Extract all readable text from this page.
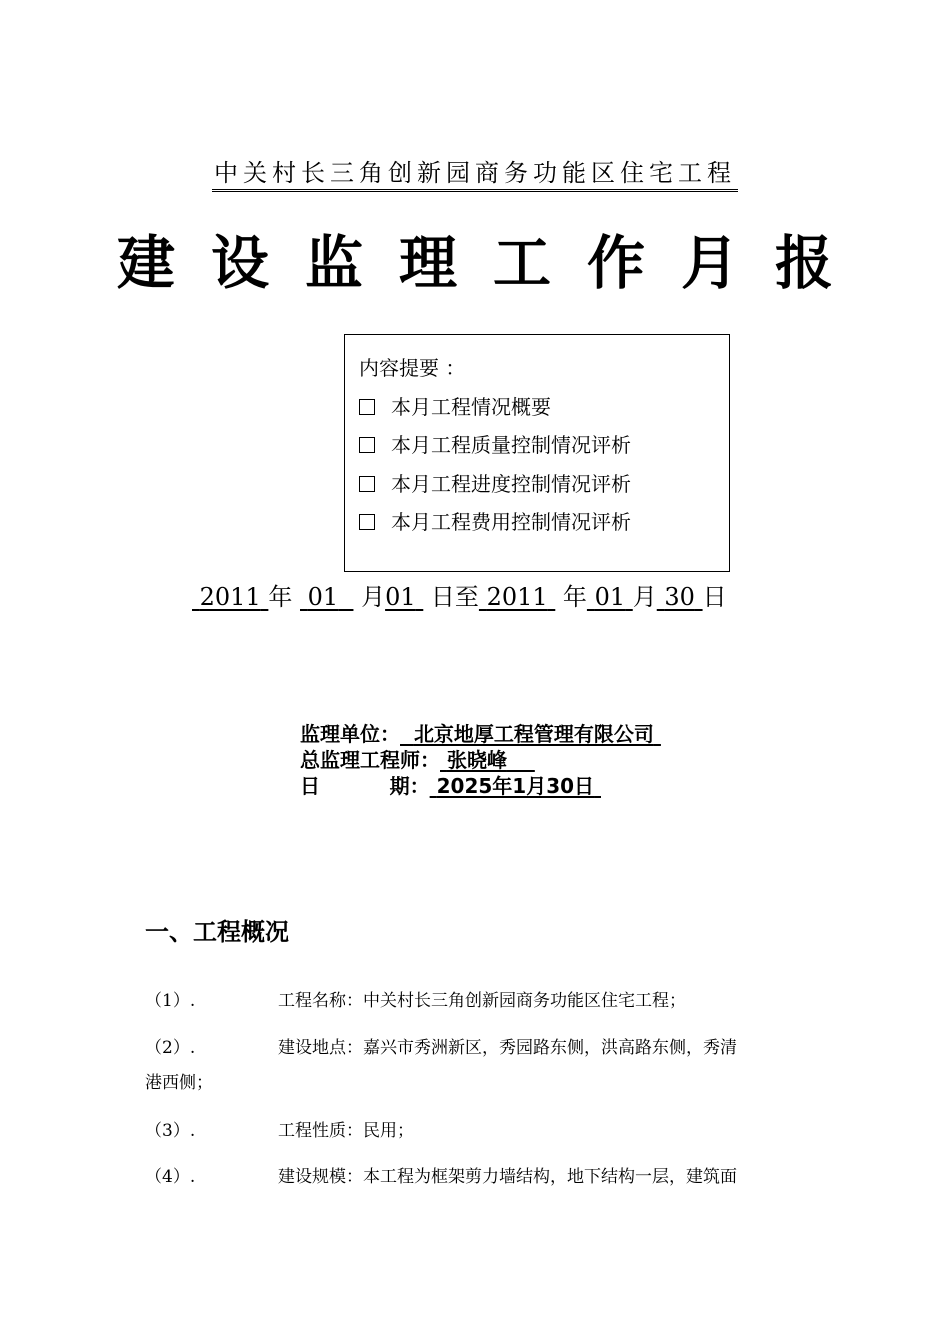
中关村长三角创新园商务功能区住宅工程
建设监理工作月报
内容提要 ：
本月工程情况概要
本月工程质量控制情况评析
本月工程进度控制情况评析
本月工程费用控制情况评析
2011 年 01 月01 日至 2011 年 01 月 30 日
监理单位： 北京地厚工程管理有限公司
总监理工程师： 张晓峰
日          期： 2025年1月30日
一、工程概况
（1）.	工程名称：中关村长三角创新园商务功能区住宅工程；
（2）.	建设地点：嘉兴市秀洲新区，秀园路东侧，洪高路东侧，秀清
港西侧；
（3）.	工程性质：民用；
（4）.	建设规模：本工程为框架剪力墙结构，地下结构一层，建筑面
